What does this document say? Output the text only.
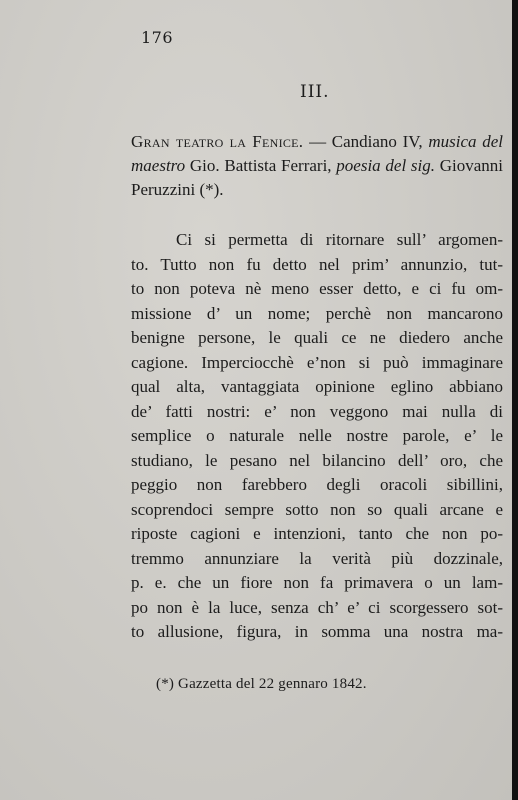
176
III.
Gran teatro la Fenice. — Candiano IV, musica del maestro Gio. Battista Ferrari, poesia del sig. Giovanni Peruzzini (*).
Ci si permetta di ritornare sull’ argomen-
to. Tutto non fu detto nel prim’ annunzio, tut-
to non poteva nè meno esser detto, e ci fu om-
missione d’ un nome; perchè non mancarono
benigne persone, le quali ce ne diedero anche
cagione. Imperciocchè e’non si può immaginare
qual alta, vantaggiata opinione eglino abbiano
de’ fatti nostri: e’ non veggono mai nulla di
semplice o naturale nelle nostre parole, e’ le
studiano, le pesano nel bilancino dell’ oro, che
peggio non farebbero degli oracoli sibillini,
scoprendoci sempre sotto non so quali arcane e
riposte cagioni e intenzioni, tanto che non po-
tremmo annunziare la verità più dozzinale,
p. e. che un fiore non fa primavera o un lam-
po non è la luce, senza ch’ e’ ci scorgessero sot-
to allusione, figura, in somma una nostra ma-
(*) Gazzetta del 22 gennaro 1842.
